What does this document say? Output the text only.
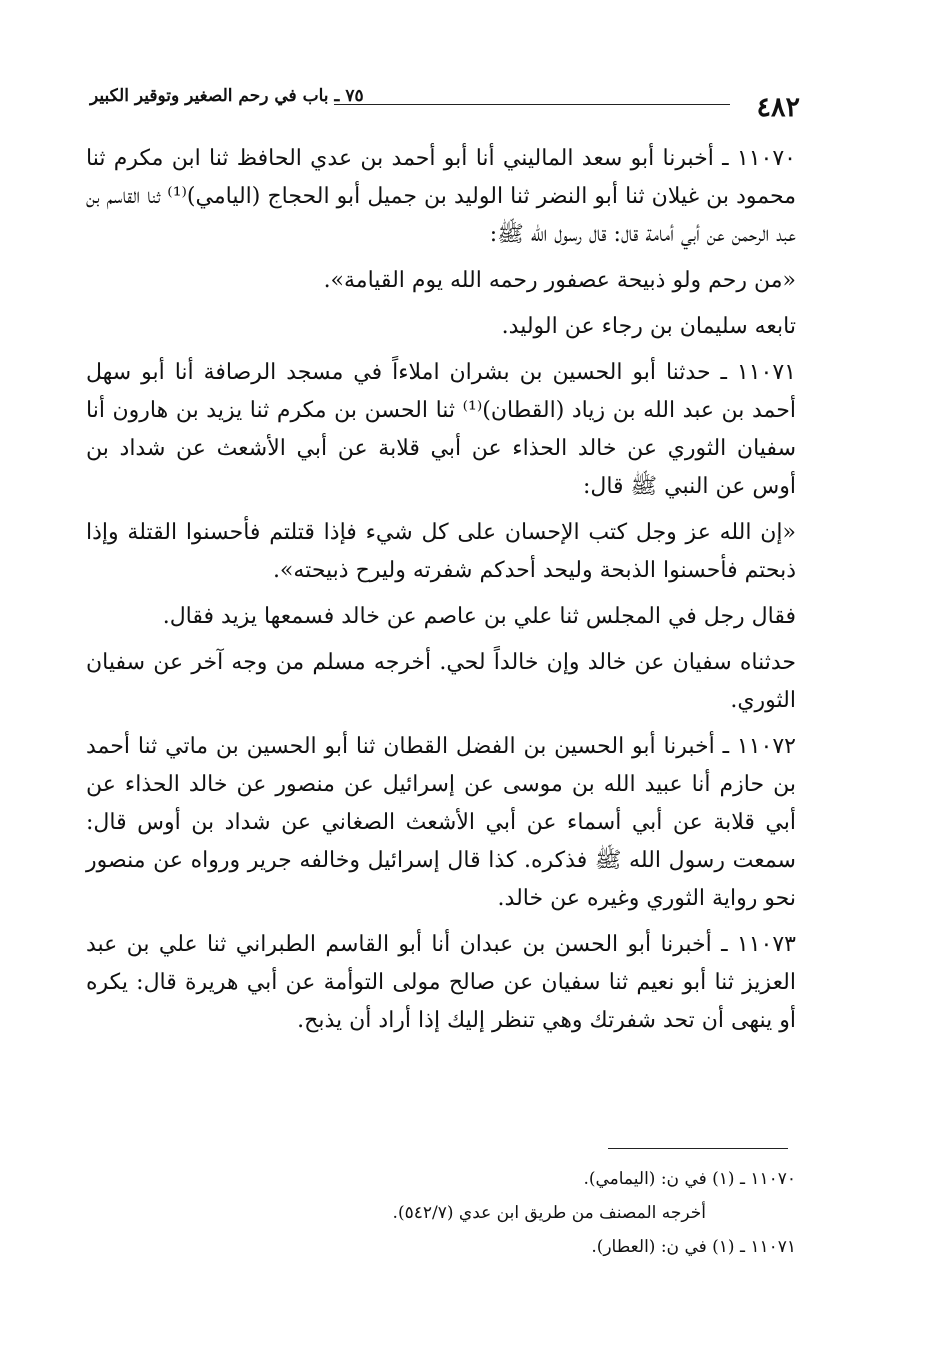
٤٨٢
٧٥ ـ باب في رحم الصغير وتوقير الكبير

١١٠٧٠ ـ أخبرنا أبو سعد الماليني أنا أبو أحمد بن عدي الحافظ ثنا ابن مكرم ثنا محمود بن غيلان ثنا أبو النضر ثنا الوليد بن جميل أبو الحجاج (اليامي)⁽¹⁾ ثنا القاسم بن عبد الرحمن عن أبي أمامة قال: قال رسول الله ﷺ:

«من رحم ولو ذبيحة عصفور رحمه الله يوم القيامة».

تابعه سليمان بن رجاء عن الوليد.

١١٠٧١ ـ حدثنا أبو الحسين بن بشران املاءاً في مسجد الرصافة أنا أبو سهل أحمد بن عبد الله بن زياد (القطان)⁽¹⁾ ثنا الحسن بن مكرم ثنا يزيد بن هارون أنا سفيان الثوري عن خالد الحذاء عن أبي قلابة عن أبي الأشعث عن شداد بن أوس عن النبي ﷺ قال:

«إن الله عز وجل كتب الإحسان على كل شيء فإذا قتلتم فأحسنوا القتلة وإذا ذبحتم فأحسنوا الذبحة وليحد أحدكم شفرته وليرح ذبيحته».

فقال رجل في المجلس ثنا علي بن عاصم عن خالد فسمعها يزيد فقال.

حدثناه سفيان عن خالد وإن خالداً لحي. أخرجه مسلم من وجه آخر عن سفيان الثوري.

١١٠٧٢ ـ أخبرنا أبو الحسين بن الفضل القطان ثنا أبو الحسين بن ماتي ثنا أحمد بن حازم أنا عبيد الله بن موسى عن إسرائيل عن منصور عن خالد الحذاء عن أبي قلابة عن أبي أسماء عن أبي الأشعث الصغاني عن شداد بن أوس قال: سمعت رسول الله ﷺ فذكره. كذا قال إسرائيل وخالفه جرير ورواه عن منصور نحو رواية الثوري وغيره عن خالد.

١١٠٧٣ ـ أخبرنا أبو الحسن بن عبدان أنا أبو القاسم الطبراني ثنا علي بن عبد العزيز ثنا أبو نعيم ثنا سفيان عن صالح مولى التوأمة عن أبي هريرة قال: يكره أو ينهى أن تحد شفرتك وهي تنظر إليك إذا أراد أن يذبح.

١١٠٧٠ ـ (١) في ن: (اليمامي).

أخرجه المصنف من طريق ابن عدي (٥٤٢/٧).

١١٠٧١ ـ (١) في ن: (العطار).
